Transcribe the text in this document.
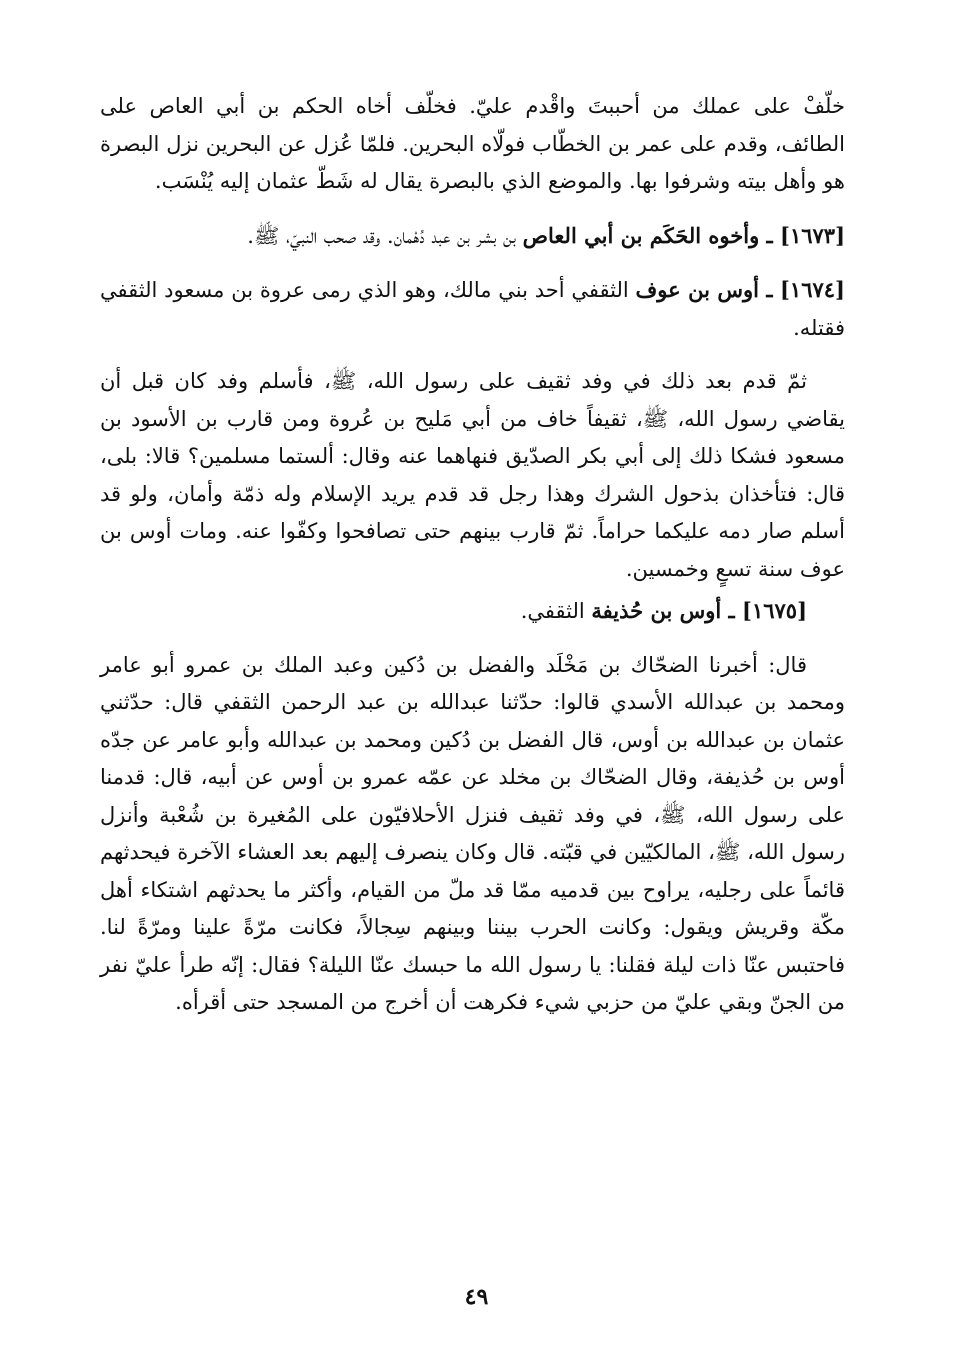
خلّفْ على عملك من أحببتَ واقْدم عليّ. فخلّف أخاه الحكم بن أبي العاص على الطائف، وقدم على عمر بن الخطّاب فولّاه البحرين. فلمّا عُزل عن البحرين نزل البصرة هو وأهل بيته وشرفوا بها. والموضع الذي بالبصرة يقال له شَطّ عثمان إليه يُنْسَب.

[١٦٧٣] ـ وأخوه الحَكَم بن أبي العاص بن بشر بن عبد دُهْمان. وقد صحب النبيّ، ﷺ.

[١٦٧٤] ـ أوس بن عوف الثقفي أحد بني مالك، وهو الذي رمى عروة بن مسعود الثقفي فقتله.

ثمّ قدم بعد ذلك في وفد ثقيف على رسول الله، ﷺ، فأسلم وفد كان قبل أن يقاضي رسول الله، ﷺ، ثقيفاً خاف من أبي مَليح بن عُروة ومن قارب بن الأسود بن مسعود فشكا ذلك إلى أبي بكر الصدّيق فنهاهما عنه وقال: ألستما مسلمين؟ قالا: بلى، قال: فتأخذان بذحول الشرك وهذا رجل قد قدم يريد الإسلام وله ذمّة وأمان، ولو قد أسلم صار دمه عليكما حراماً. ثمّ قارب بينهم حتى تصافحوا وكفّوا عنه. ومات أوس بن عوف سنة تسعٍ وخمسين.

[١٦٧٥] ـ أوس بن حُذيفة الثقفي.

قال: أخبرنا الضحّاك بن مَخْلَد والفضل بن دُكين وعبد الملك بن عمرو أبو عامر ومحمد بن عبدالله الأسدي قالوا: حدّثنا عبدالله بن عبد الرحمن الثقفي قال: حدّثني عثمان بن عبدالله بن أوس، قال الفضل بن دُكين ومحمد بن عبدالله وأبو عامر عن جدّه أوس بن حُذيفة، وقال الضحّاك بن مخلد عن عمّه عمرو بن أوس عن أبيه، قال: قدمنا على رسول الله، ﷺ، في وفد ثقيف فنزل الأحلافيّون على المُغيرة بن شُعْبة وأنزل رسول الله، ﷺ، المالكيّين في قبّته. قال وكان ينصرف إليهم بعد العشاء الآخرة فيحدثهم قائماً على رجليه، يراوح بين قدميه ممّا قد ملّ من القيام، وأكثر ما يحدثهم اشتكاء أهل مكّة وقريش ويقول: وكانت الحرب بيننا وبينهم سِجالاً، فكانت مرّةً علينا ومرّةً لنا. فاحتبس عنّا ذات ليلة فقلنا: يا رسول الله ما حبسك عنّا الليلة؟ فقال: إنّه طرأ عليّ نفر من الجنّ وبقي عليّ من حزبي شيء فكرهت أن أخرج من المسجد حتى أقرأه.

٤٩
